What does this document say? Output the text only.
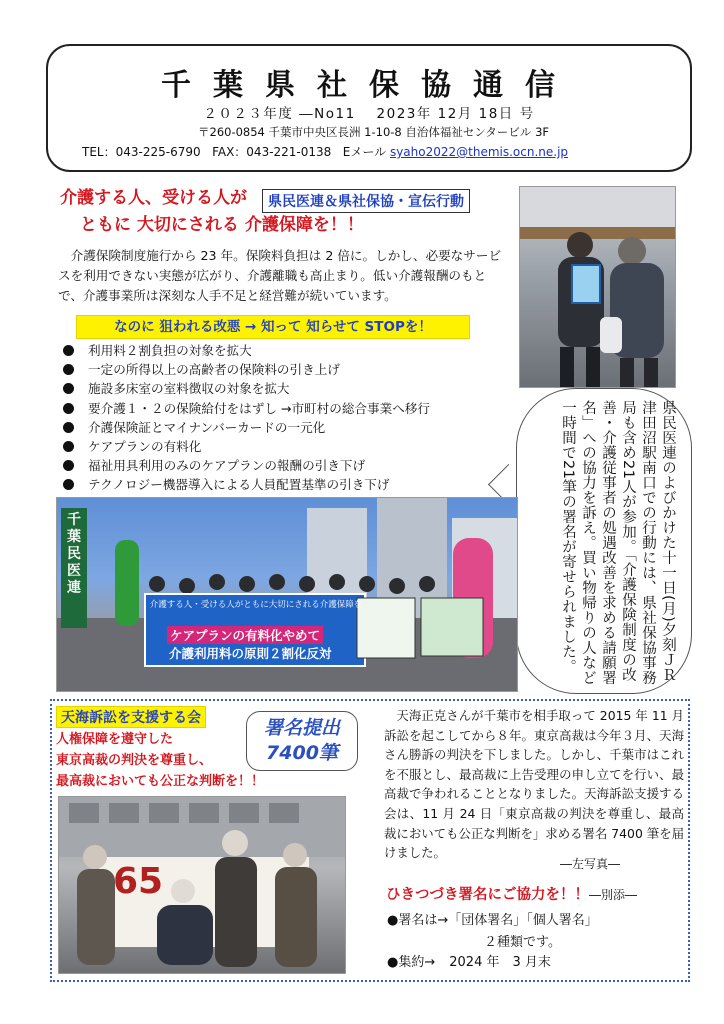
千葉県社保協通信
２０２３年度 ―No11　 2023年 12月 18日 号
〒260-0854 千葉市中央区長洲 1-10-8 自治体福祉センタービル 3F
TEL：043-225-6790 FAX：043-221-0138 Eメール syaho2022@themis.ocn.ne.jp
介護する人、受ける人が
ともに 大切にされる 介護保障を！！
県民医連＆県社保協・宣伝行動
介護保険制度施行から 23 年。保険料負担は 2 倍に。しかし、必要なサービスを利用できない実態が広がり、介護離職も高止まり。低い介護報酬のもとで、介護事業所は深刻な人手不足と経営難が続いています。
なのに 狙われる改悪 → 知って 知らせて STOPを！
利用料２割負担の対象を拡大
一定の所得以上の高齢者の保険料の引き上げ
施設多床室の室料徴収の対象を拡大
要介護１・２の保険給付をはずし →市町村の総合事業へ移行
介護保険証とマイナンバーカードの一元化
ケアプランの有料化
福祉用具利用のみのケアプランの報酬の引き下げ
テクノロジー機器導入による人員配置基準の引き下げ	県民医連のよびかけた十一日(月)夕刻ＪＲ津田沼駅南口での行動には、県社保協事務局も含め21人が参加。「介護保険制度の改善・介護従事者の処遇改善を求める請願署名」への協力を訴え。買い物帰りの人など一時間で21筆の署名が寄せられました。
千葉民医連
介護する人・受ける人がともに大切にされる介護保障を
ケアプランの有料化やめて
介護利用料の原則２割化反対
天海訴訟を支援する会
人権保障を遵守した
東京高裁の判決を尊重し、
最高裁においても公正な判断を！！
署名提出
7400筆
天海正克さんが千葉市を相手取って 2015 年 11 月訴訟を起こしてから８年。東京高裁は今年３月、天海さん勝訴の判決を下しました。しかし、千葉市はこれを不服とし、最高裁に上告受理の申し立てを行い、最高裁で争われることとなりました。天海訴訟支援する会は、11 月 24 日「東京高裁の判決を尊重し、最高裁においても公正な判断を」求める署名 7400 筆を届けました。
―左写真―
ひきつづき署名にご協力を！！―別添―
●署名は→「団体署名」「個人署名」
２種類です。
●集約→ 2024 年　3 月末
65
